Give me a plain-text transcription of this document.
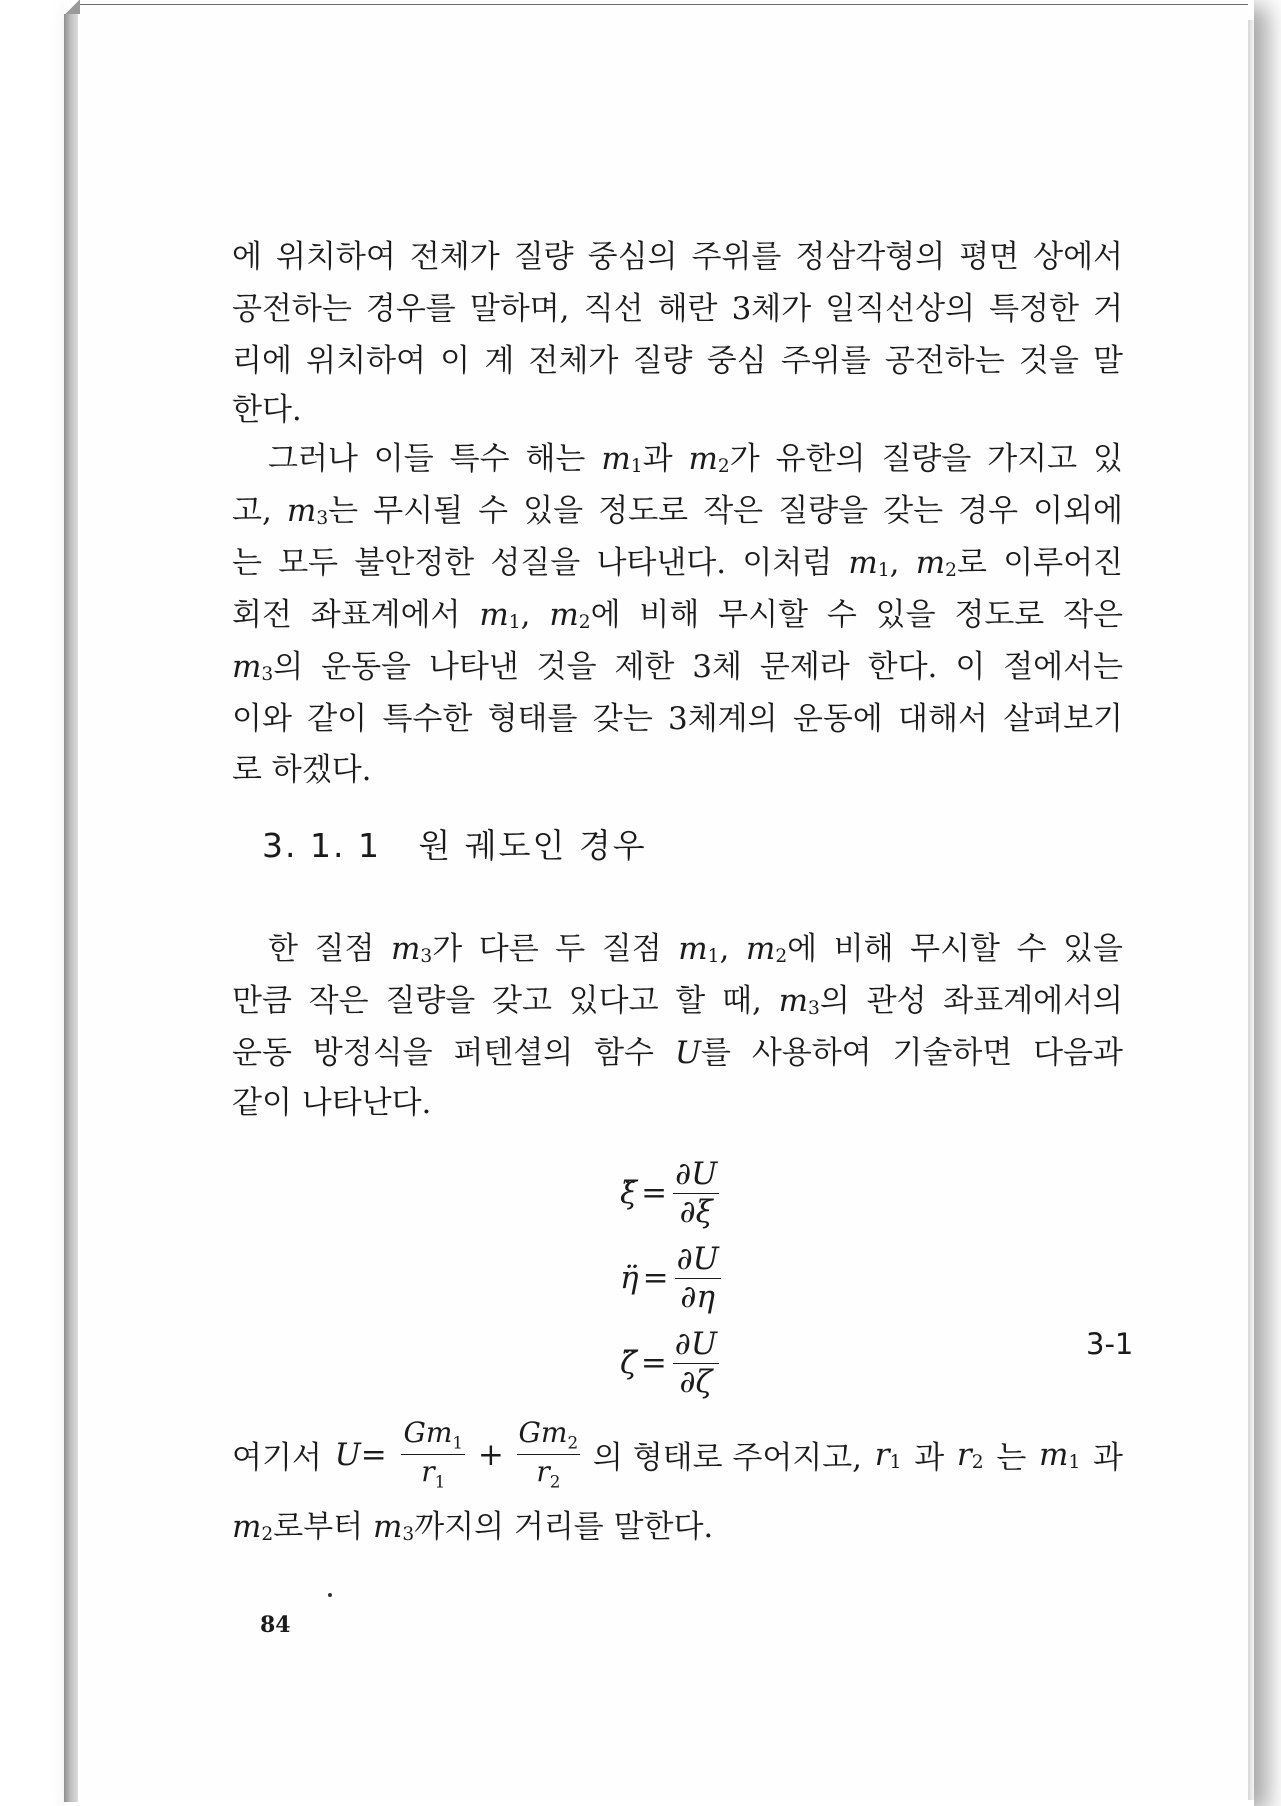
에 위치하여 전체가 질량 중심의 주위를 정삼각형의 평면 상에서
공전하는 경우를 말하며, 직선 해란 3체가 일직선상의 특정한 거
리에 위치하여 이 계 전체가 질량 중심 주위를 공전하는 것을 말
한다.
그러나 이들 특수 해는 $m_1$과 $m_2$가 유한의 질량을 가지고 있
고, $m_3$는 무시될 수 있을 정도로 작은 질량을 갖는 경우 이외에
는 모두 불안정한 성질을 나타낸다. 이처럼 $m_1$, $m_2$로 이루어진
회전 좌표계에서 $m_1$, $m_2$에 비해 무시할 수 있을 정도로 작은
$m_3$의 운동을 나타낸 것을 제한 3체 문제라 한다. 이 절에서는
이와 같이 특수한 형태를 갖는 3체계의 운동에 대해서 살펴보기
로 하겠다.
3. 1. 1   원 궤도인 경우
한 질점 $m_3$가 다른 두 질점 $m_1$, $m_2$에 비해 무시할 수 있을
만큼 작은 질량을 갖고 있다고 할 때, $m_3$의 관성 좌표계에서의
운동 방정식을 퍼텐셜의 함수 U를 사용하여 기술하면 다음과
같이 나타난다.
ξ̈ = $\frac{\partial U}{\partial\xi}$
η̈ = $\frac{\partial U}{\partial\eta}$
ζ̈ = $\frac{\partial U}{\partial\zeta}$	3-1
여기서 $U= \frac{Gm_1}{r_1} + \frac{Gm_2}{r_2}$ 의 형태로 주어지고, $r_1$ 과 $r_2$ 는 $m_1$ 과
$m_2$로부터 $m_3$까지의 거리를 말한다.
84
